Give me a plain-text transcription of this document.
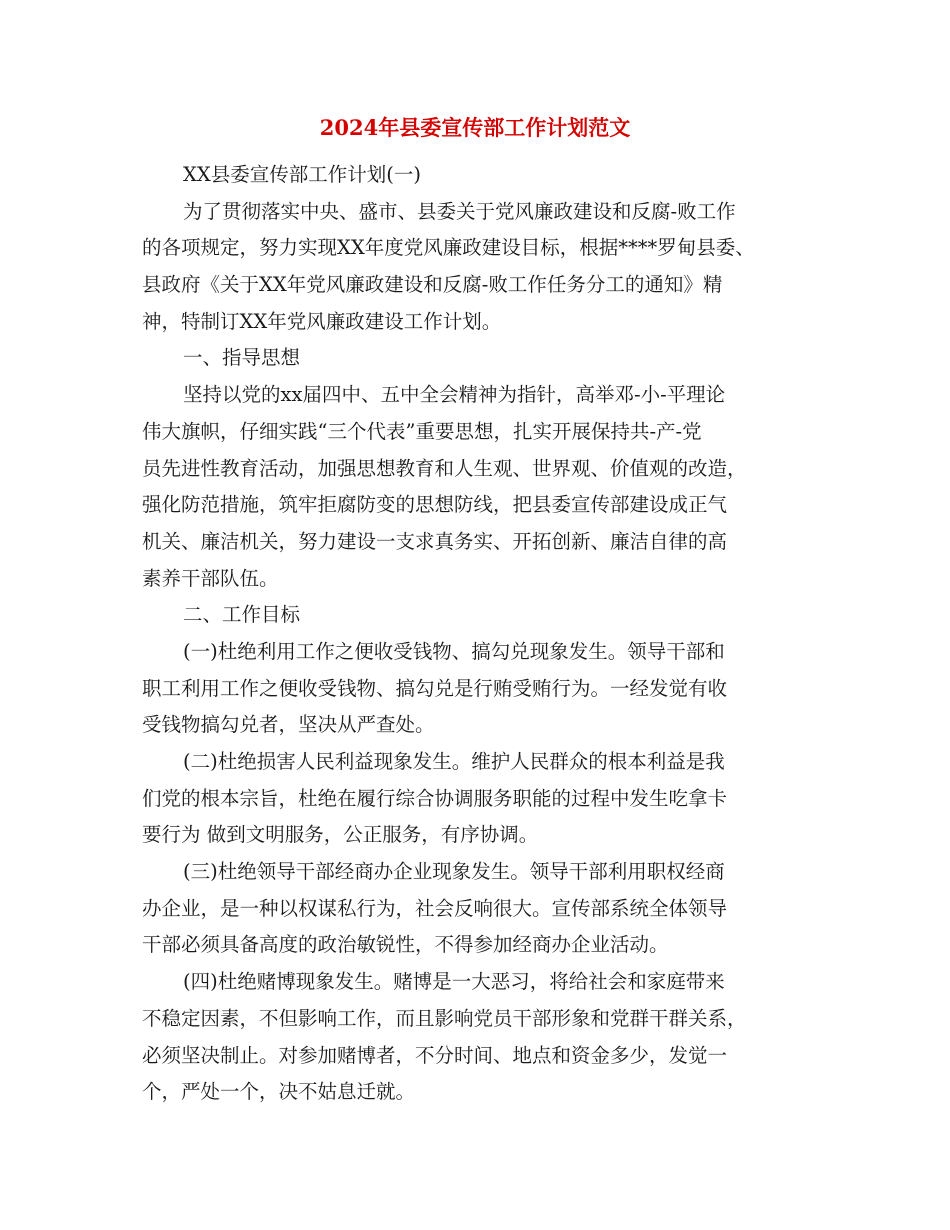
2024年县委宣传部工作计划范文

XX县委宣传部工作计划(一)

为了贯彻落实中央、盛市、县委关于党风廉政建设和反腐-败工作

的各项规定，努力实现XX年度党风廉政建设目标，根据****罗甸县委、

县政府《关于XX年党风廉政建设和反腐-败工作任务分工的通知》精

神，特制订XX年党风廉政建设工作计划。

一、指导思想

坚持以党的xx届四中、五中全会精神为指针，高举邓-小-平理论

伟大旗帜，仔细实践“三个代表”重要思想，扎实开展保持共-产-党

员先进性教育活动，加强思想教育和人生观、世界观、价值观的改造，

强化防范措施，筑牢拒腐防变的思想防线，把县委宣传部建设成正气

机关、廉洁机关，努力建设一支求真务实、开拓创新、廉洁自律的高

素养干部队伍。

二、工作目标

(一)杜绝利用工作之便收受钱物、搞勾兑现象发生。领导干部和

职工利用工作之便收受钱物、搞勾兑是行贿受贿行为。一经发觉有收

受钱物搞勾兑者，坚决从严查处。

(二)杜绝损害人民利益现象发生。维护人民群众的根本利益是我

们党的根本宗旨，杜绝在履行综合协调服务职能的过程中发生吃拿卡

要行为 做到文明服务，公正服务，有序协调。

(三)杜绝领导干部经商办企业现象发生。领导干部利用职权经商

办企业，是一种以权谋私行为，社会反响很大。宣传部系统全体领导

干部必须具备高度的政治敏锐性，不得参加经商办企业活动。

(四)杜绝赌博现象发生。赌博是一大恶习，将给社会和家庭带来

不稳定因素，不但影响工作，而且影响党员干部形象和党群干群关系，

必须坚决制止。对参加赌博者，不分时间、地点和资金多少，发觉一

个，严处一个，决不姑息迁就。
